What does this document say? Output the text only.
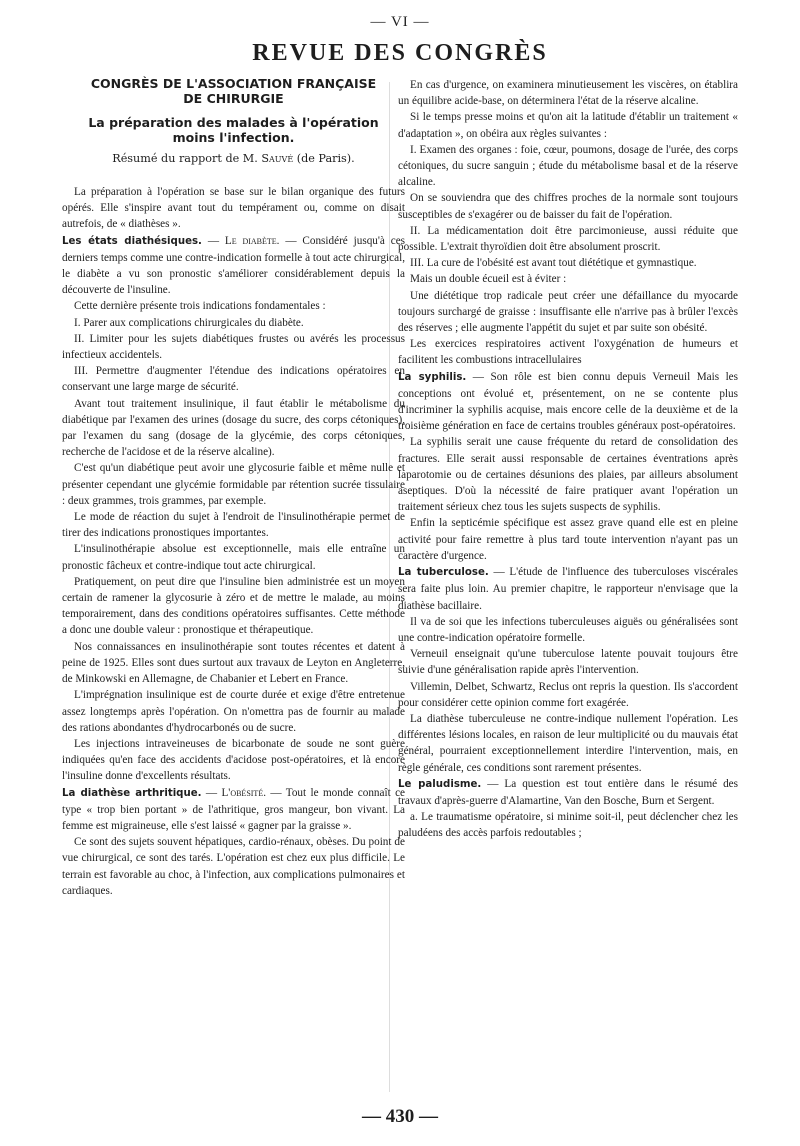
— VI —
REVUE DES CONGRÈS
CONGRÈS DE L'ASSOCIATION FRANÇAISE
DE CHIRURGIE
La préparation des malades à l'opération
moins l'infection.
Résumé du rapport de M. Sauvé (de Paris).

La préparation à l'opération se base sur le bilan organique des futurs opérés. Elle s'inspire avant tout du tempérament ou, comme on disait autrefois, de « diathèses ».

Les états diathésiques. — Le diabète. — Considéré jusqu'à ces derniers temps comme une contre-indication formelle à tout acte chirurgical, le diabète a vu son pronostic s'améliorer considérablement depuis la découverte de l'insuline.

Cette dernière présente trois indications fondamentales :

I. Parer aux complications chirurgicales du diabète.

II. Limiter pour les sujets diabétiques frustes ou avérés les processus infectieux accidentels.

III. Permettre d'augmenter l'étendue des indications opératoires en conservant une large marge de sécurité.

Avant tout traitement insulinique, il faut établir le métabolisme du diabétique par l'examen des urines (dosage du sucre, des corps cétoniques), par l'examen du sang (dosage de la glycémie, des corps cétoniques, recherche de l'acidose et de la réserve alcaline).

C'est qu'un diabétique peut avoir une glycosurie faible et même nulle et présenter cependant une glycémie formidable par rétention sucrée tissulaire : deux grammes, trois grammes, par exemple.

Le mode de réaction du sujet à l'endroit de l'insulinothérapie permet de tirer des indications pronostiques importantes.

L'insulinothérapie absolue est exceptionnelle, mais elle entraîne un pronostic fâcheux et contre-indique tout acte chirurgical.

Pratiquement, on peut dire que l'insuline bien administrée est un moyen certain de ramener la glycosurie à zéro et de mettre le malade, au moins temporairement, dans des conditions opératoires suffisantes. Cette méthode a donc une double valeur : pronostique et thérapeutique.

Nos connaissances en insulinothérapie sont toutes récentes et datent à peine de 1925. Elles sont dues surtout aux travaux de Leyton en Angleterre, de Minkowski en Allemagne, de Chabanier et Lebert en France.

L'imprégnation insulinique est de courte durée et exige d'être entretenue assez longtemps après l'opération. On n'omettra pas de fournir au malade des rations abondantes d'hydrocarbonés ou de sucre.

Les injections intraveineuses de bicarbonate de soude ne sont guère indiquées qu'en face des accidents d'acidose post-opératoires, et là encore l'insuline donne d'excellents résultats.

La diathèse arthritique. — L'obésité. — Tout le monde connaît ce type « trop bien portant » de l'athritique, gros mangeur, bon vivant. La femme est migraineuse, elle s'est laissé « gagner par la graisse ».

Ce sont des sujets souvent hépatiques, cardio-rénaux, obèses. Du point de vue chirurgical, ce sont des tarés. L'opération est chez eux plus difficile. Le terrain est favorable au choc, à l'infection, aux complications pulmonaires et cardiaques.

En cas d'urgence, on examinera minutieusement les viscères, on établira un équilibre acide-base, on déterminera l'état de la réserve alcaline.

Si le temps presse moins et qu'on ait la latitude d'établir un traitement « d'adaptation », on obéira aux règles suivantes :

I. Examen des organes : foie, cœur, poumons, dosage de l'urée, des corps cétoniques, du sucre sanguin ; étude du métabolisme basal et de la réserve alcaline.

On se souviendra que des chiffres proches de la normale sont toujours susceptibles de s'exagérer ou de baisser du fait de l'opération.

II. La médicamentation doit être parcimonieuse, aussi réduite que possible. L'extrait thyroïdien doit être absolument proscrit.

III. La cure de l'obésité est avant tout diététique et gymnastique.

Mais un double écueil est à éviter :

Une diététique trop radicale peut créer une défaillance du myocarde toujours surchargé de graisse : insuffisante elle n'arrive pas à brûler l'excès des réserves ; elle augmente l'appétit du sujet et par suite son obésité.

Les exercices respiratoires activent l'oxygénation de humeurs et facilitent les combustions intracellulaires

La syphilis. — Son rôle est bien connu depuis Verneuil Mais les conceptions ont évolué et, présentement, on ne se contente plus d'incriminer la syphilis acquise, mais encore celle de la deuxième et de la troisième génération en face de certains troubles généraux post-opératoires.

La syphilis serait une cause fréquente du retard de consolidation des fractures. Elle serait aussi responsable de certaines éventrations après laparotomie ou de certaines désunions des plaies, par ailleurs absolument aseptiques. D'où la nécessité de faire pratiquer avant l'opération un traitement sérieux chez tous les sujets suspects de syphilis.

Enfin la septicémie spécifique est assez grave quand elle est en pleine activité pour faire remettre à plus tard toute intervention n'ayant pas un caractère d'urgence.

La tuberculose. — L'étude de l'influence des tuberculoses viscérales sera faite plus loin. Au premier chapitre, le rapporteur n'envisage que la diathèse bacillaire.

Il va de soi que les infections tuberculeuses aiguës ou généralisées sont une contre-indication opératoire formelle.

Verneuil enseignait qu'une tuberculose latente pouvait toujours être suivie d'une généralisation rapide après l'intervention.

Villemin, Delbet, Schwartz, Reclus ont repris la question. Ils s'accordent pour considérer cette opinion comme fort exagérée.

La diathèse tuberculeuse ne contre-indique nullement l'opération. Les différentes lésions locales, en raison de leur multiplicité ou du mauvais état général, pourraient exceptionnellement interdire l'intervention, mais, en règle générale, ces conditions sont rarement présentes.

Le paludisme. — La question est tout entière dans le résumé des travaux d'après-guerre d'Alamartine, Van den Bosche, Burn et Sergent.

a. Le traumatisme opératoire, si minime soit-il, peut déclencher chez les paludéens des accès parfois redoutables ;

— 430 —
